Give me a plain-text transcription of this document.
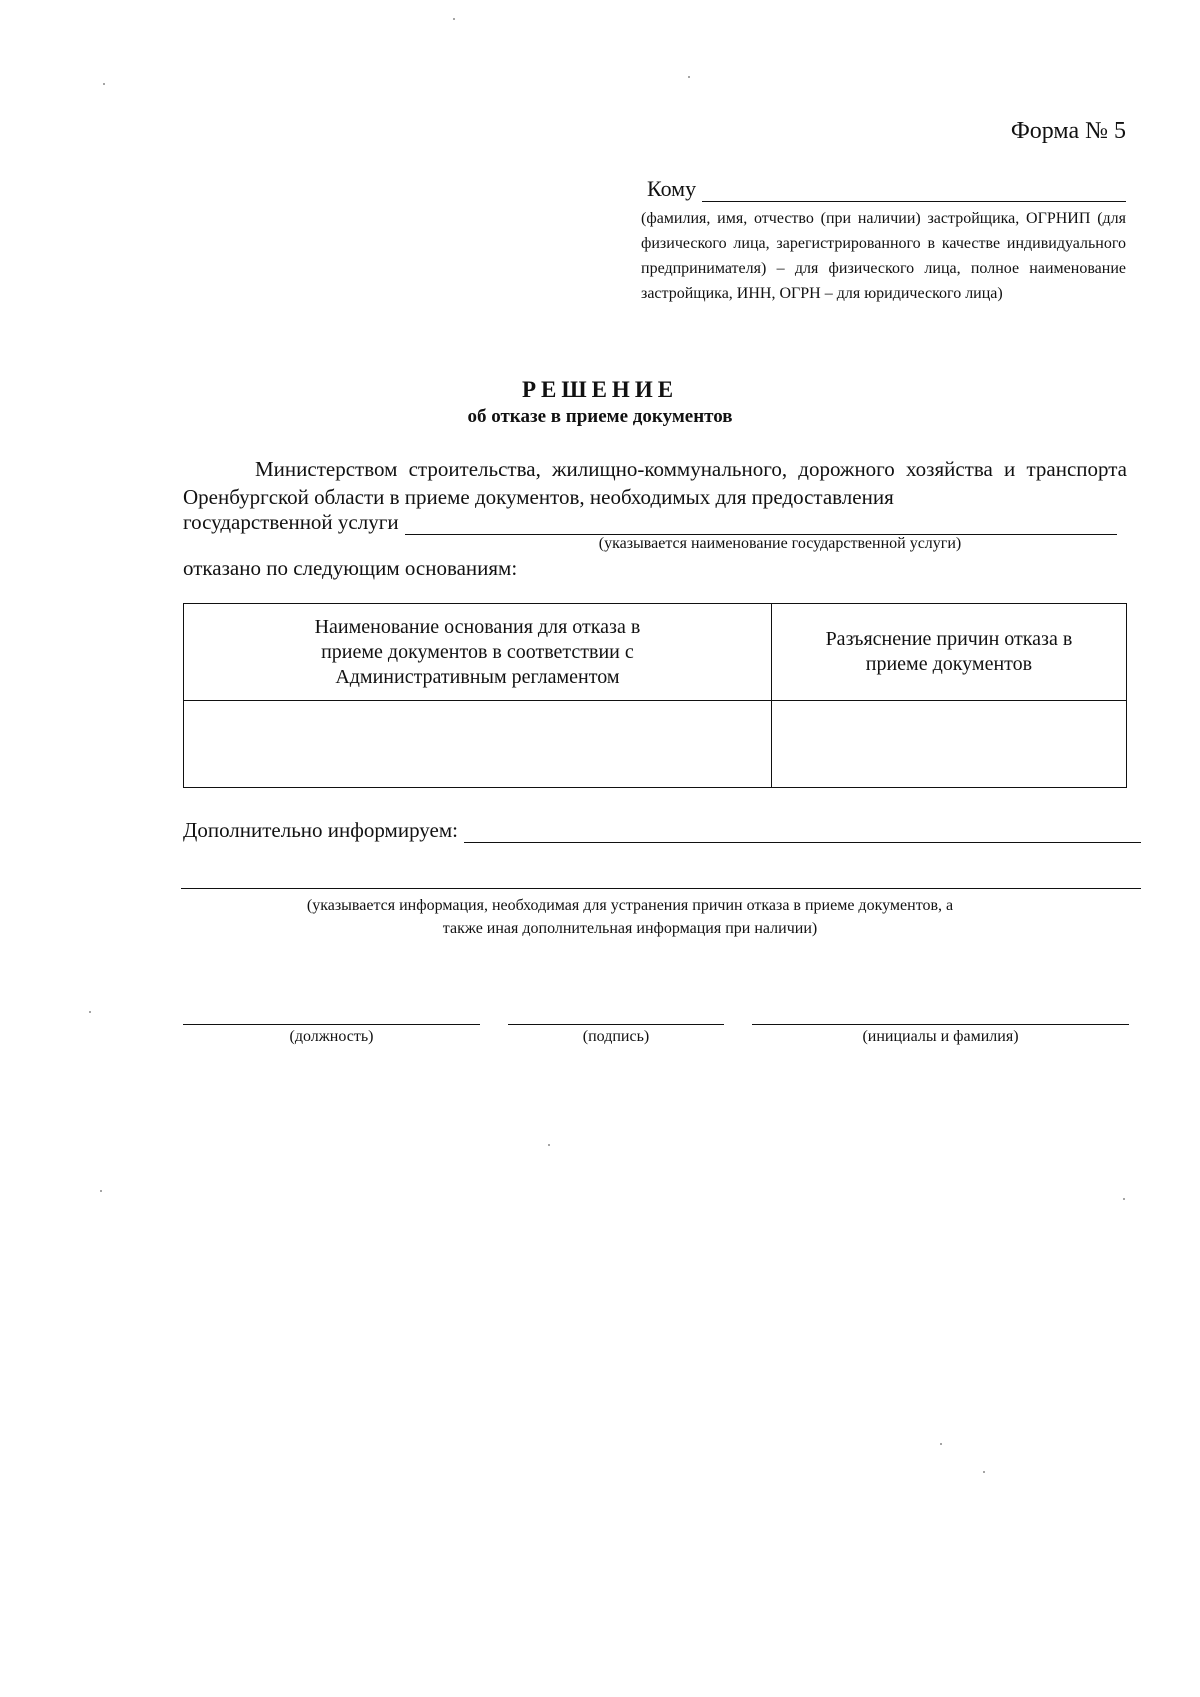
Форма № 5
Кому
(фамилия, имя, отчество (при наличии) застройщика, ОГРНИП (для физического лица, зарегистрированного в качестве индивидуального предпринимателя) – для физического лица, полное наименование застройщика, ИНН, ОГРН – для юридического лица)
РЕШЕНИЕ
об отказе в приеме документов
Министерством строительства, жилищно-коммунального, дорожного хозяйства и транспорта Оренбургской области в приеме документов, необходимых для предоставления
государственной услуги
(указывается наименование государственной услуги)
отказано по следующим основаниям:
Наименование основания для отказа в приеме документов в соответствии с Административным регламентом	Разъяснение причин отказа в приеме документов

Дополнительно информируем:
(указывается информация, необходимая для устранения причин отказа в приеме документов, а также иная дополнительная информация при наличии)
(должность)	(подпись)	(инициалы и фамилия)
